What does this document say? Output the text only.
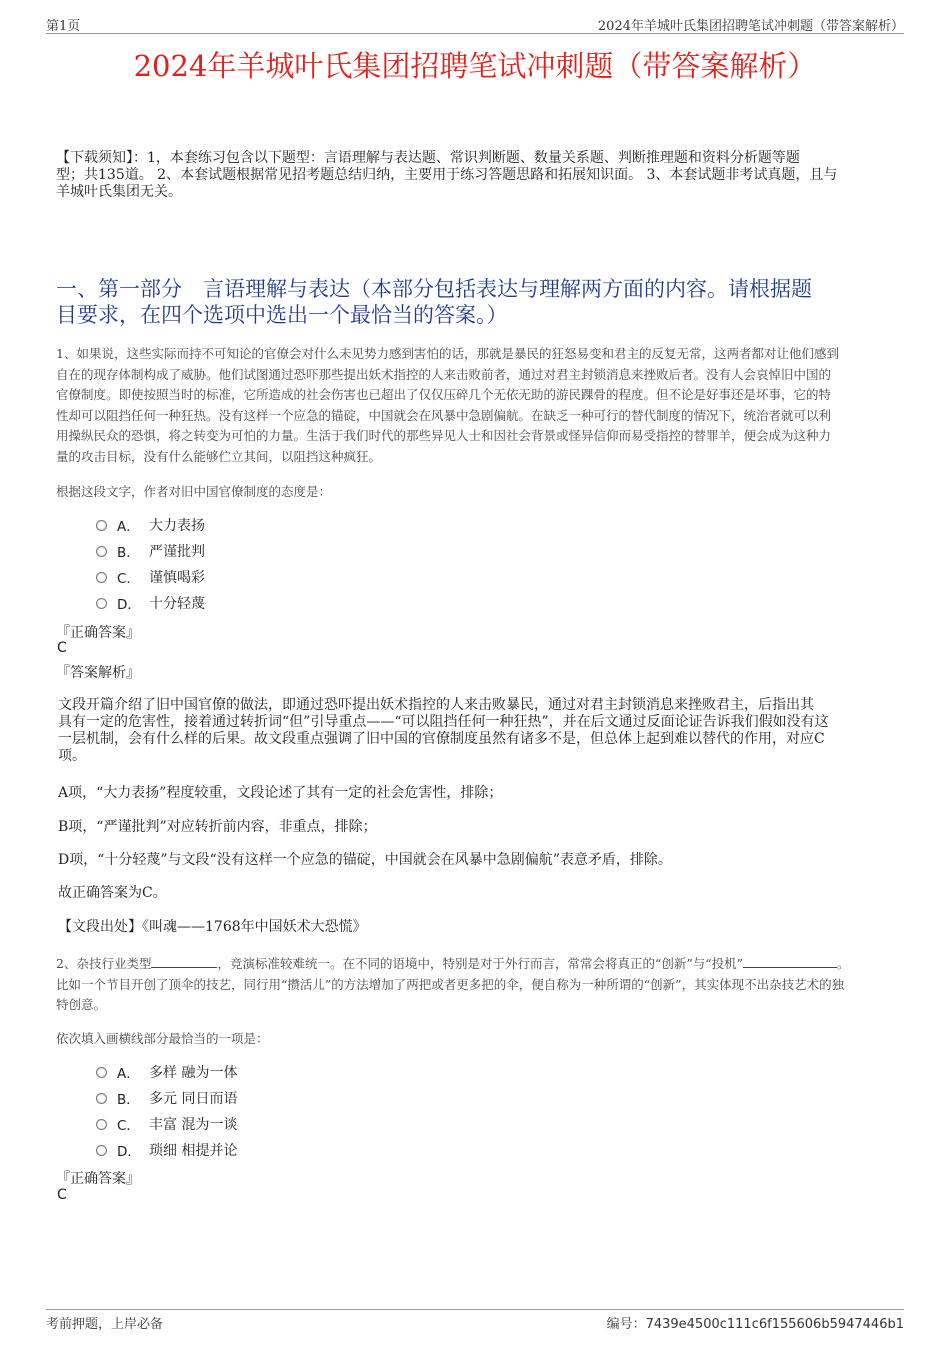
第1页	2024年羊城叶氏集团招聘笔试冲刺题（带答案解析）
2024年羊城叶氏集团招聘笔试冲刺题（带答案解析）
【下载须知】：1，本套练习包含以下题型：言语理解与表达题、常识判断题、数量关系题、判断推理题和资料分析题等题
型；共135道。 2、本套试题根据常见招考题总结归纳，主要用于练习答题思路和拓展知识面。 3、本套试题非考试真题，且与
羊城叶氏集团无关。
一、第一部分　言语理解与表达（本部分包括表达与理解两方面的内容。请根据题
目要求，在四个选项中选出一个最恰当的答案。）
1、如果说，这些实际而持不可知论的官僚会对什么未见势力感到害怕的话，那就是暴民的狂怒易变和君主的反复无常，这两者都对让他们感到
自在的现存体制构成了威胁。他们试图通过恐吓那些提出妖术指控的人来击败前者，通过对君主封锁消息来挫败后者。没有人会哀悼旧中国的
官僚制度。即使按照当时的标准，它所造成的社会伤害也已超出了仅仅压碎几个无依无助的游民踝骨的程度。但不论是好事还是坏事，它的特
性却可以阻挡任何一种狂热。没有这样一个应急的锚碇，中国就会在风暴中急剧偏航。在缺乏一种可行的替代制度的情况下，统治者就可以利
用操纵民众的恐惧，将之转变为可怕的力量。生活于我们时代的那些异见人士和因社会背景或怪异信仰而易受指控的替罪羊，便会成为这种力
量的攻击目标，没有什么能够伫立其间，以阻挡这种疯狂。
根据这段文字，作者对旧中国官僚制度的态度是：
A． 大力表扬
B． 严谨批判
C． 谨慎喝彩
D． 十分轻蔑
『正确答案』
C
『答案解析』
文段开篇介绍了旧中国官僚的做法，即通过恐吓提出妖术指控的人来击败暴民，通过对君主封锁消息来挫败君主，后指出其
具有一定的危害性，接着通过转折词“但”引导重点——“可以阻挡任何一种狂热”，并在后文通过反面论证告诉我们假如没有这
一层机制，会有什么样的后果。故文段重点强调了旧中国的官僚制度虽然有诸多不是，但总体上起到难以替代的作用，对应C
项。
A项，“大力表扬”程度较重，文段论述了其有一定的社会危害性，排除；
B项，“严谨批判”对应转折前内容，非重点，排除；
D项，“十分轻蔑”与文段“没有这样一个应急的锚碇，中国就会在风暴中急剧偏航”表意矛盾，排除。
故正确答案为C。
【文段出处】《叫魂——1768年中国妖术大恐慌》
2、杂技行业类型	，竞演标准较难统一。在不同的语境中，特别是对于外行而言，常常会将真正的“创新”与“投机”	。
比如一个节目开创了顶伞的技艺，同行用“攒活儿”的方法增加了两把或者更多把的伞，便自称为一种所谓的“创新”，其实体现不出杂技艺术的独
特创意。
依次填入画横线部分最恰当的一项是：
A． 多样 融为一体
B． 多元 同日而语
C． 丰富 混为一谈
D． 琐细 相提并论
『正确答案』
C
考前押题，上岸必备	编号：7439e4500c111c6f155606b5947446b1
